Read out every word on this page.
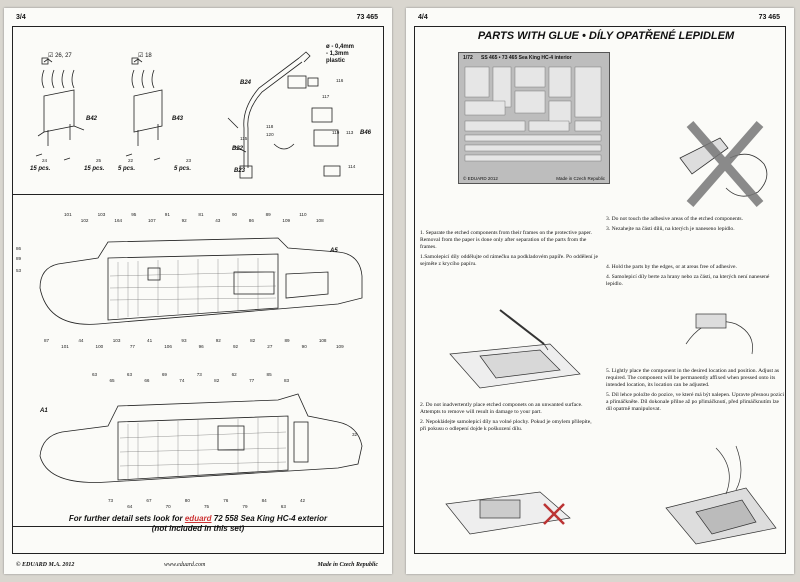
3/4	73 465
☑ 26, 27	☑ 18
B42	B43
24
15 pcs.
25
15 pcs.
22
5 pcs.
23
5 pcs.
ø - 0,4mm
- 1,3mm
plastic
B24	116
117
118
120	119 113 B46
114
115
B22
B23
A5
101
102
103
164
95
107
91
92
81
43
90
86
89
109
110
108
87
101
44
100
103
77
41
106
93
96
92
92
82
27
89
90
108
109
86
89
53
A1
32
63
65
63
66
69
74
73
82
62
77
85
83
73
64
67
70
80
75
76
79
84
63
42
For further detail sets look for eduard 72 558 Sea King HC-4 exterior
(not included in this set)
© EDUARD M.A. 2012	www.eduard.com	Made in Czech Republic
4/4	73 465
PARTS WITH GLUE • DÍLY OPATŘENÉ LEPIDLEM
1/72 SS 465 • 73 465 Sea King HC-4 interior
© EDUARD 2012	Made in Czech Republic

1. Separate the etched components from their frames on the protective paper. Removal from the paper is done only after separation of the parts from the frames.

1.Samolepicí díly oddělujte od rámečku na podkladovém papíře. Po oddělení je sejměte z krycího papíru.

3. Do not touch the adhesive areas of the etched components.

3. Nezahejte na části dílů, na kterých je naneseno lepidlo.

4. Hold the parts by the edges, or at areas free of adhesive.

4. Samolepicí díly berte za hrany nebo za části, na kterých není nanesené lepidlo.

5. Lightly place the component in the desired location and position. Adjust as required. The component will be permanently affixed when pressed onto its intended location, its location can be adjusted.

5. Díl lehce položte do pozice, ve které má být nalepen. Upravte přesnou pozici a přimáčkněte. Díl dokonale přilne až po přimáčknutí, před přimáčknutím lze díl opatrně manipulovat.

2. Do not inadvertently place etched componets on an unwanted surface. Attempts to remove will result in damage to your part.

2. Nepokládejte samolepicí díly na volné plochy. Pokud je omylem přilepíte, při pokusu o odlepení dojde k poškození dílu.
